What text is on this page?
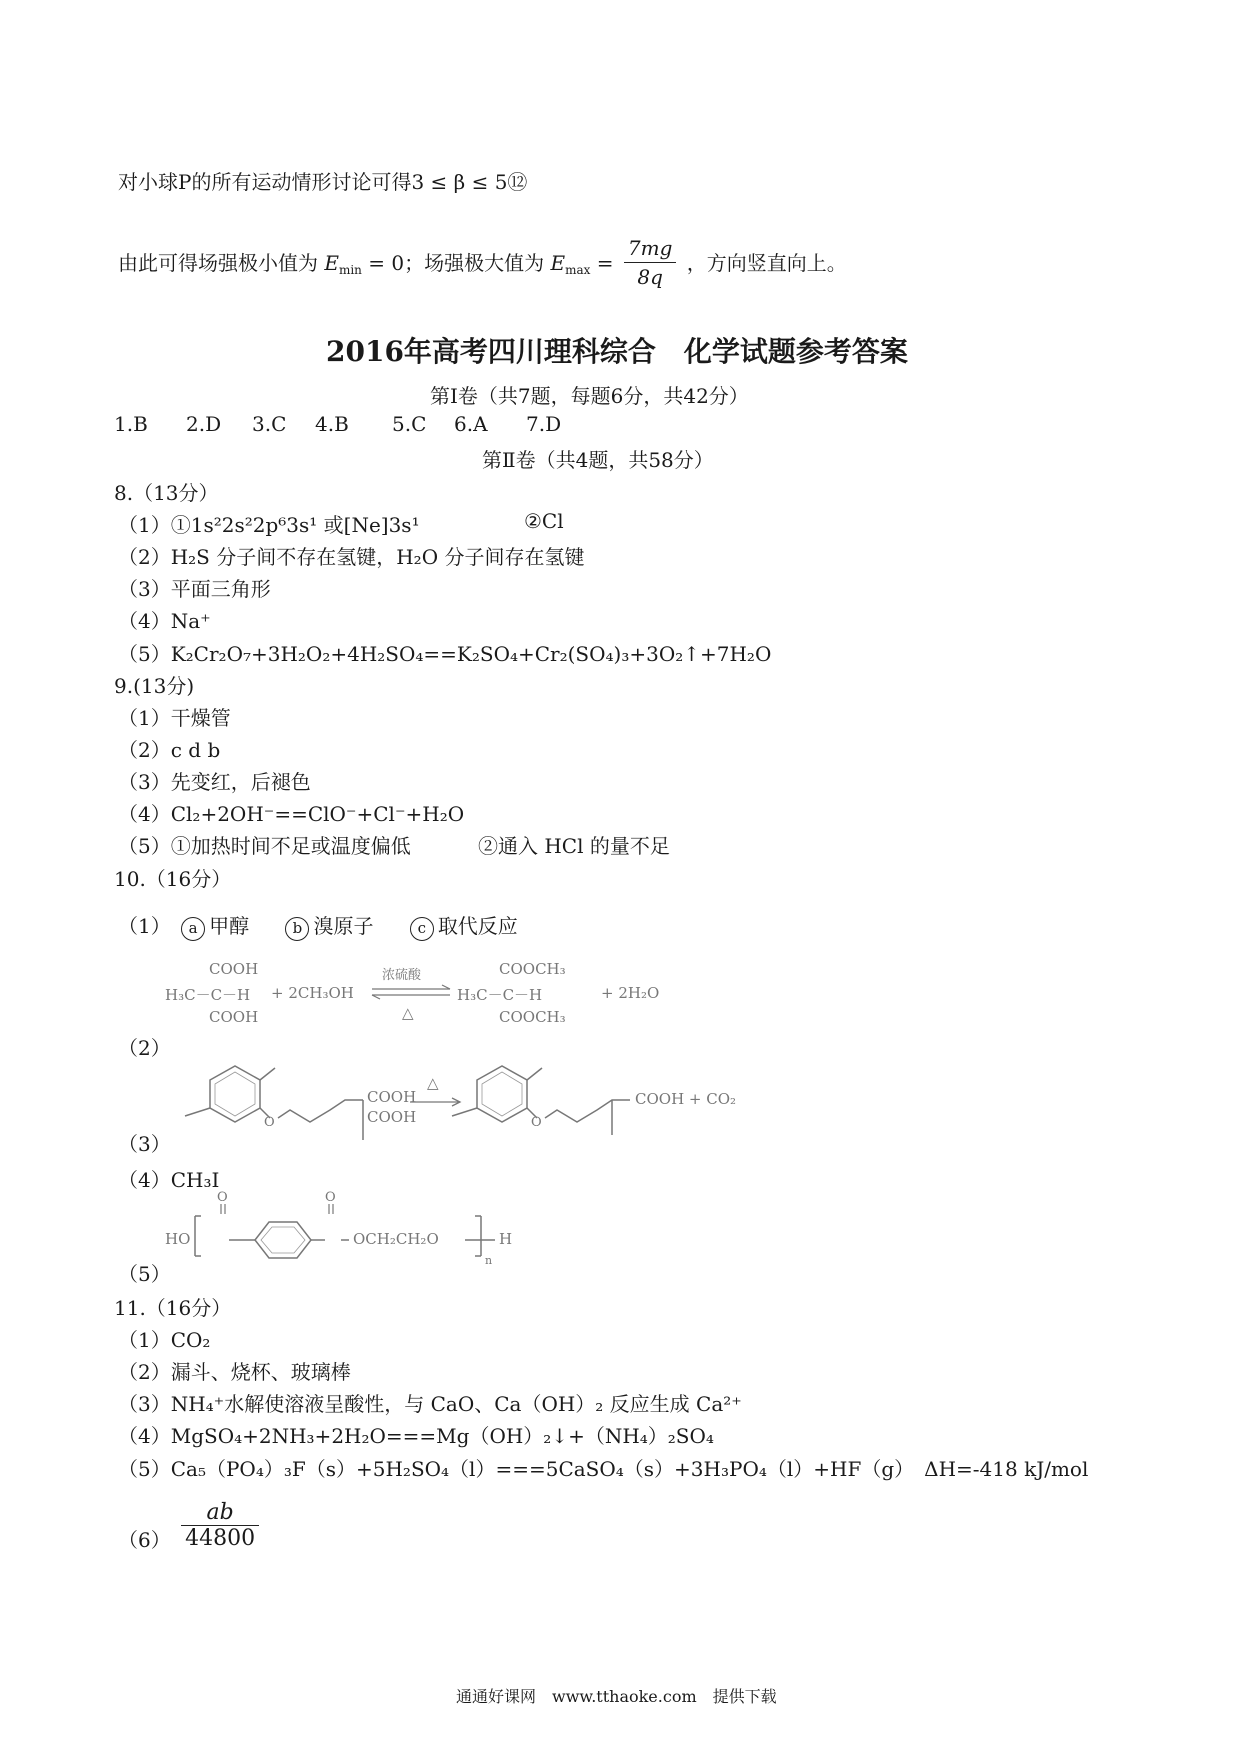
对小球P的所有运动情形讨论可得3 ≤ β ≤ 5⑫
由此可得场强极小值为 $E_{min} = 0$；场强极大值为 $E_{max} = \frac{7mg}{8q}$ ，方向竖直向上。
2016年高考四川理科综合　化学试题参考答案
第Ⅰ卷（共7题，每题6分，共42分）
1.B 2.D 3.C 4.B 5.C 6.A 7.D
第Ⅱ卷（共4题，共58分）
8.（13分）
（1）①1s²2s²2p⁶3s¹ 或[Ne]3s¹	②Cl
（2）H₂S 分子间不存在氢键，H₂O 分子间存在氢键
（3）平面三角形
（4）Na⁺
（5）K₂Cr₂O₇+3H₂O₂+4H₂SO₄==K₂SO₄+Cr₂(SO₄)₃+3O₂↑+7H₂O
9.(13分)
（1）干燥管
（2）c d b
（3）先变红，后褪色
（4）Cl₂+2OH⁻==ClO⁻+Cl⁻+H₂O
（5）①加热时间不足或温度偏低	②通入 HCl 的量不足
10.（16分）
（1） a 甲醇	b 溴原子	c 取代反应
（2）
COOH
H₃C－C－H
COOH
+ 2CH₃OH
浓硫酸
△
COOCH₃
H₃C－C－H
COOCH₃
+ 2H₂O
（3）
O
COOH
COOH
△
O
COOH + CO₂
（4）CH₃I
（5）
O	O
HO	OCH₂CH₂O	H
n
11.（16分）
（1）CO₂
（2）漏斗、烧杯、玻璃棒
（3）NH₄⁺水解使溶液呈酸性，与 CaO、Ca（OH）₂ 反应生成 Ca²⁺
（4）MgSO₄+2NH₃+2H₂O===Mg（OH）₂↓+（NH₄）₂SO₄
（5）Ca₅（PO₄）₃F（s）+5H₂SO₄（l）===5CaSO₄（s）+3H₃PO₄（l）+HF（g）　ΔH=-418 kJ/mol
$(6) \frac{ab}{44800}$
通通好课网　www.tthaoke.com　提供下载
